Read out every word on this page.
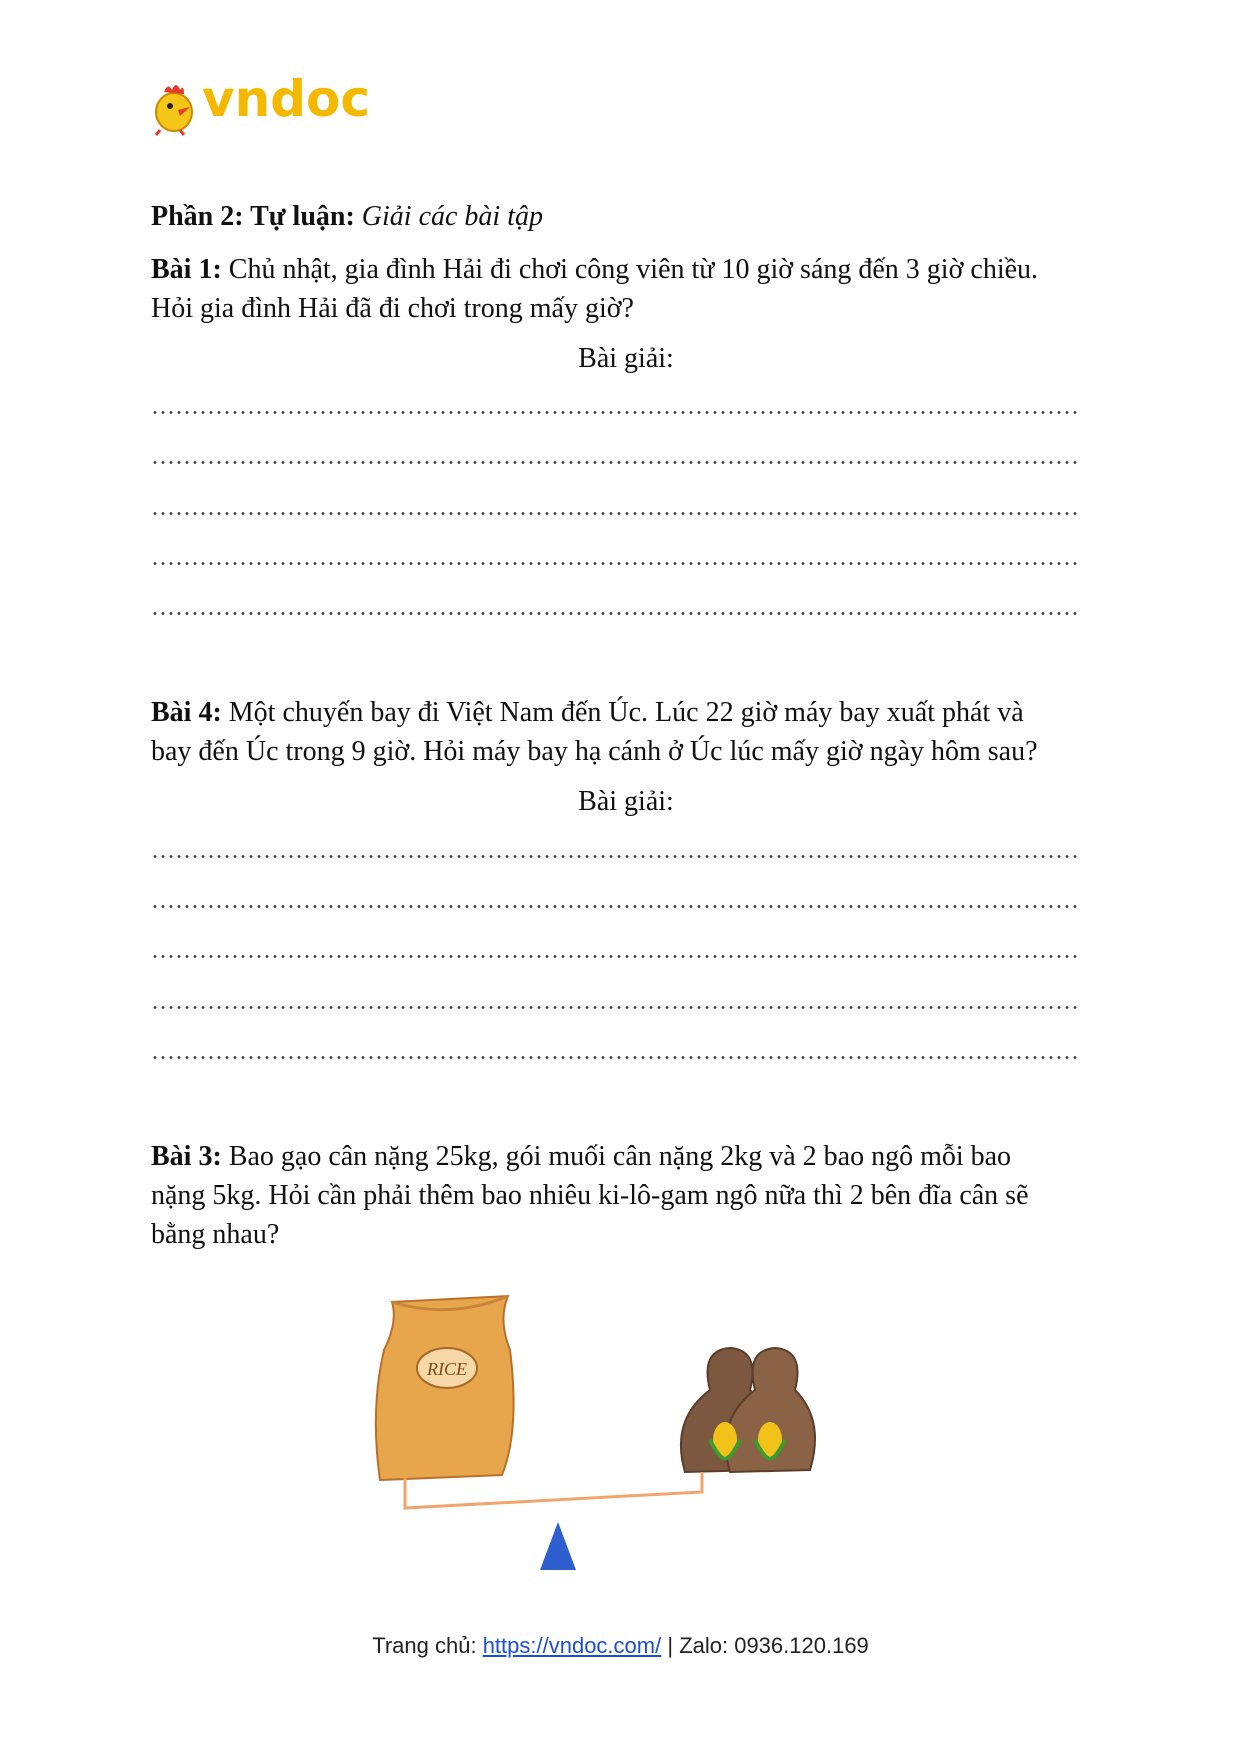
vndoc
Phần 2: Tự luận: Giải các bài tập
Bài 1: Chủ nhật, gia đình Hải đi chơi công viên từ 10 giờ sáng đến 3 giờ chiều.
Hỏi gia đình Hải đã đi chơi trong mấy giờ?
Bài giải:
Bài 4: Một chuyến bay đi Việt Nam đến Úc. Lúc 22 giờ máy bay xuất phát và
bay đến Úc trong 9 giờ. Hỏi máy bay hạ cánh ở Úc lúc mấy giờ ngày hôm sau?
Bài giải:
Bài 3: Bao gạo cân nặng 25kg, gói muối cân nặng 2kg và 2 bao ngô mỗi bao
nặng 5kg. Hỏi cần phải thêm bao nhiêu ki-lô-gam ngô nữa thì 2 bên đĩa cân sẽ
bằng nhau?
RICE
Trang chủ: https://vndoc.com/ | Zalo: 0936.120.169
